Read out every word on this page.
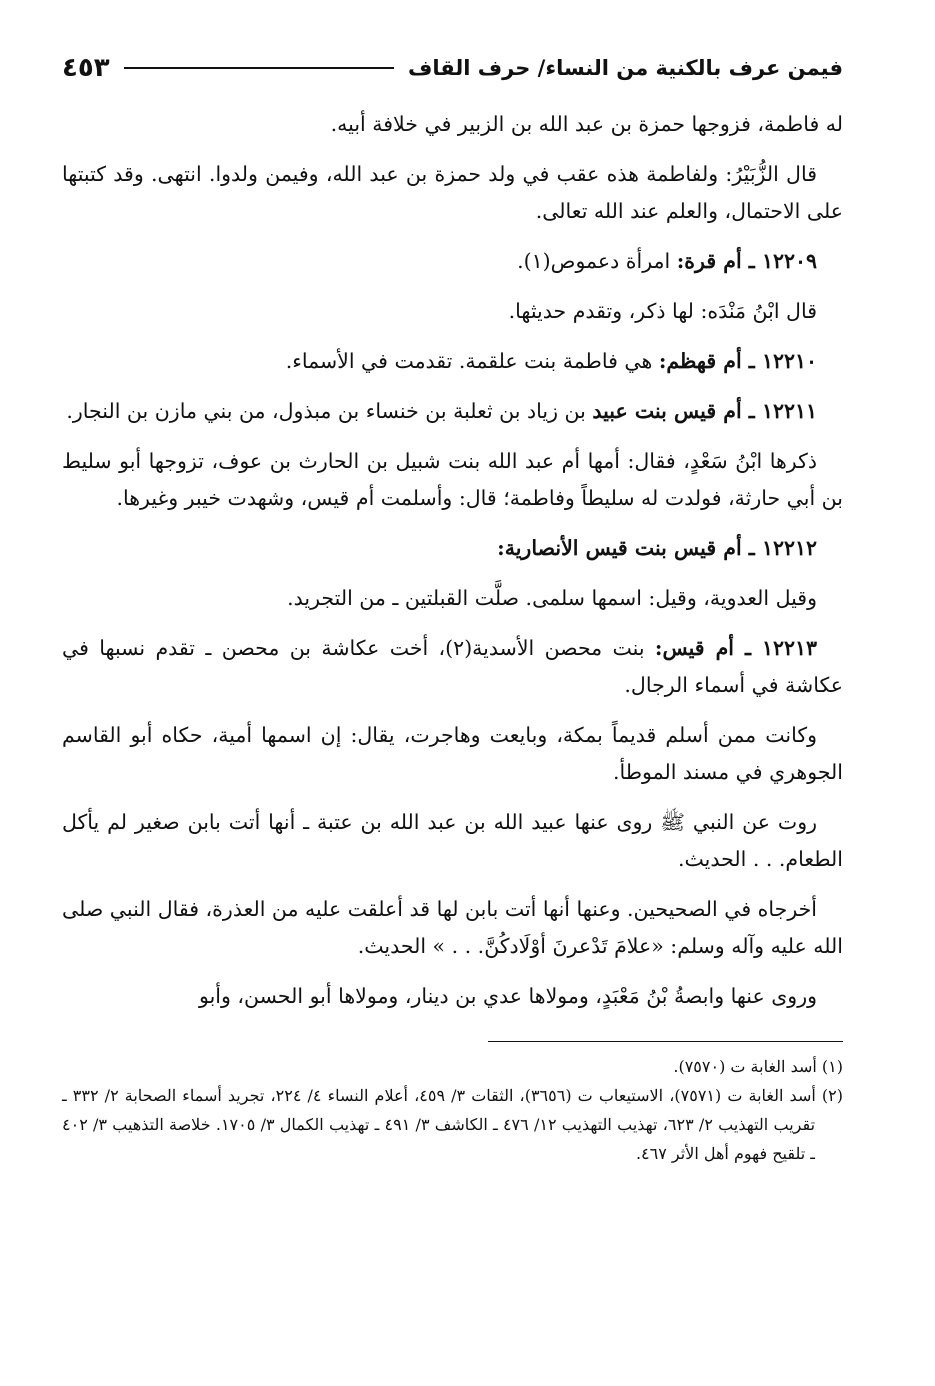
فيمن عرف بالكنية من النساء/ حرف القاف
٤٥٣

له فاطمة، فزوجها حمزة بن عبد الله بن الزبير في خلافة أبيه.

قال الزُّبَيْرُ: ولفاطمة هذه عقب في ولد حمزة بن عبد الله، وفيمن ولدوا. انتهى. وقد كتبتها على الاحتمال، والعلم عند الله تعالى.

١٢٢٠٩ ـ أم قرة: امرأة دعموص(١).

قال ابْنُ مَنْدَه: لها ذكر، وتقدم حديثها.

١٢٢١٠ ـ أم قهظم: هي فاطمة بنت علقمة. تقدمت في الأسماء.

١٢٢١١ ـ أم قيس بنت عبيد بن زياد بن ثعلبة بن خنساء بن مبذول، من بني مازن بن النجار.

ذكرها ابْنُ سَعْدٍ، فقال: أمها أم عبد الله بنت شبيل بن الحارث بن عوف، تزوجها أبو سليط بن أبي حارثة، فولدت له سليطاً وفاطمة؛ قال: وأسلمت أم قيس، وشهدت خيبر وغيرها.

١٢٢١٢ ـ أم قيس بنت قيس الأنصارية:

وقيل العدوية، وقيل: اسمها سلمى. صلَّت القبلتين ـ من التجريد.

١٢٢١٣ ـ أم قيس: بنت محصن الأسدية(٢)، أخت عكاشة بن محصن ـ تقدم نسبها في عكاشة في أسماء الرجال.

وكانت ممن أسلم قديماً بمكة، وبايعت وهاجرت، يقال: إن اسمها أمية، حكاه أبو القاسم الجوهري في مسند الموطأ.

روت عن النبي ﷺ روى عنها عبيد الله بن عبد الله بن عتبة ـ أنها أتت بابن صغير لم يأكل الطعام. . . الحديث.

أخرجاه في الصحيحين. وعنها أنها أتت بابن لها قد أعلقت عليه من العذرة، فقال النبي صلى الله عليه وآله وسلم: «علامَ تَدْعرنَ أوْلَادكُنَّ. . . » الحديث.

وروى عنها وابصةُ بْنُ مَعْبَدٍ، ومولاها عدي بن دينار، ومولاها أبو الحسن، وأبو

(١) أسد الغابة ت (٧٥٧٠).

(٢) أسد الغابة ت (٧٥٧١)، الاستيعاب ت (٣٦٥٦)، الثقات ٣/ ٤٥٩، أعلام النساء ٤/ ٢٢٤، تجريد أسماء الصحابة ٢/ ٣٣٢ ـ تقريب التهذيب ٢/ ٦٢٣، تهذيب التهذيب ١٢/ ٤٧٦ ـ الكاشف ٣/ ٤٩١ ـ تهذيب الكمال ٣/ ١٧٠٥. خلاصة التذهيب ٣/ ٤٠٢ ـ تلقيح فهوم أهل الأثر ٤٦٧.
